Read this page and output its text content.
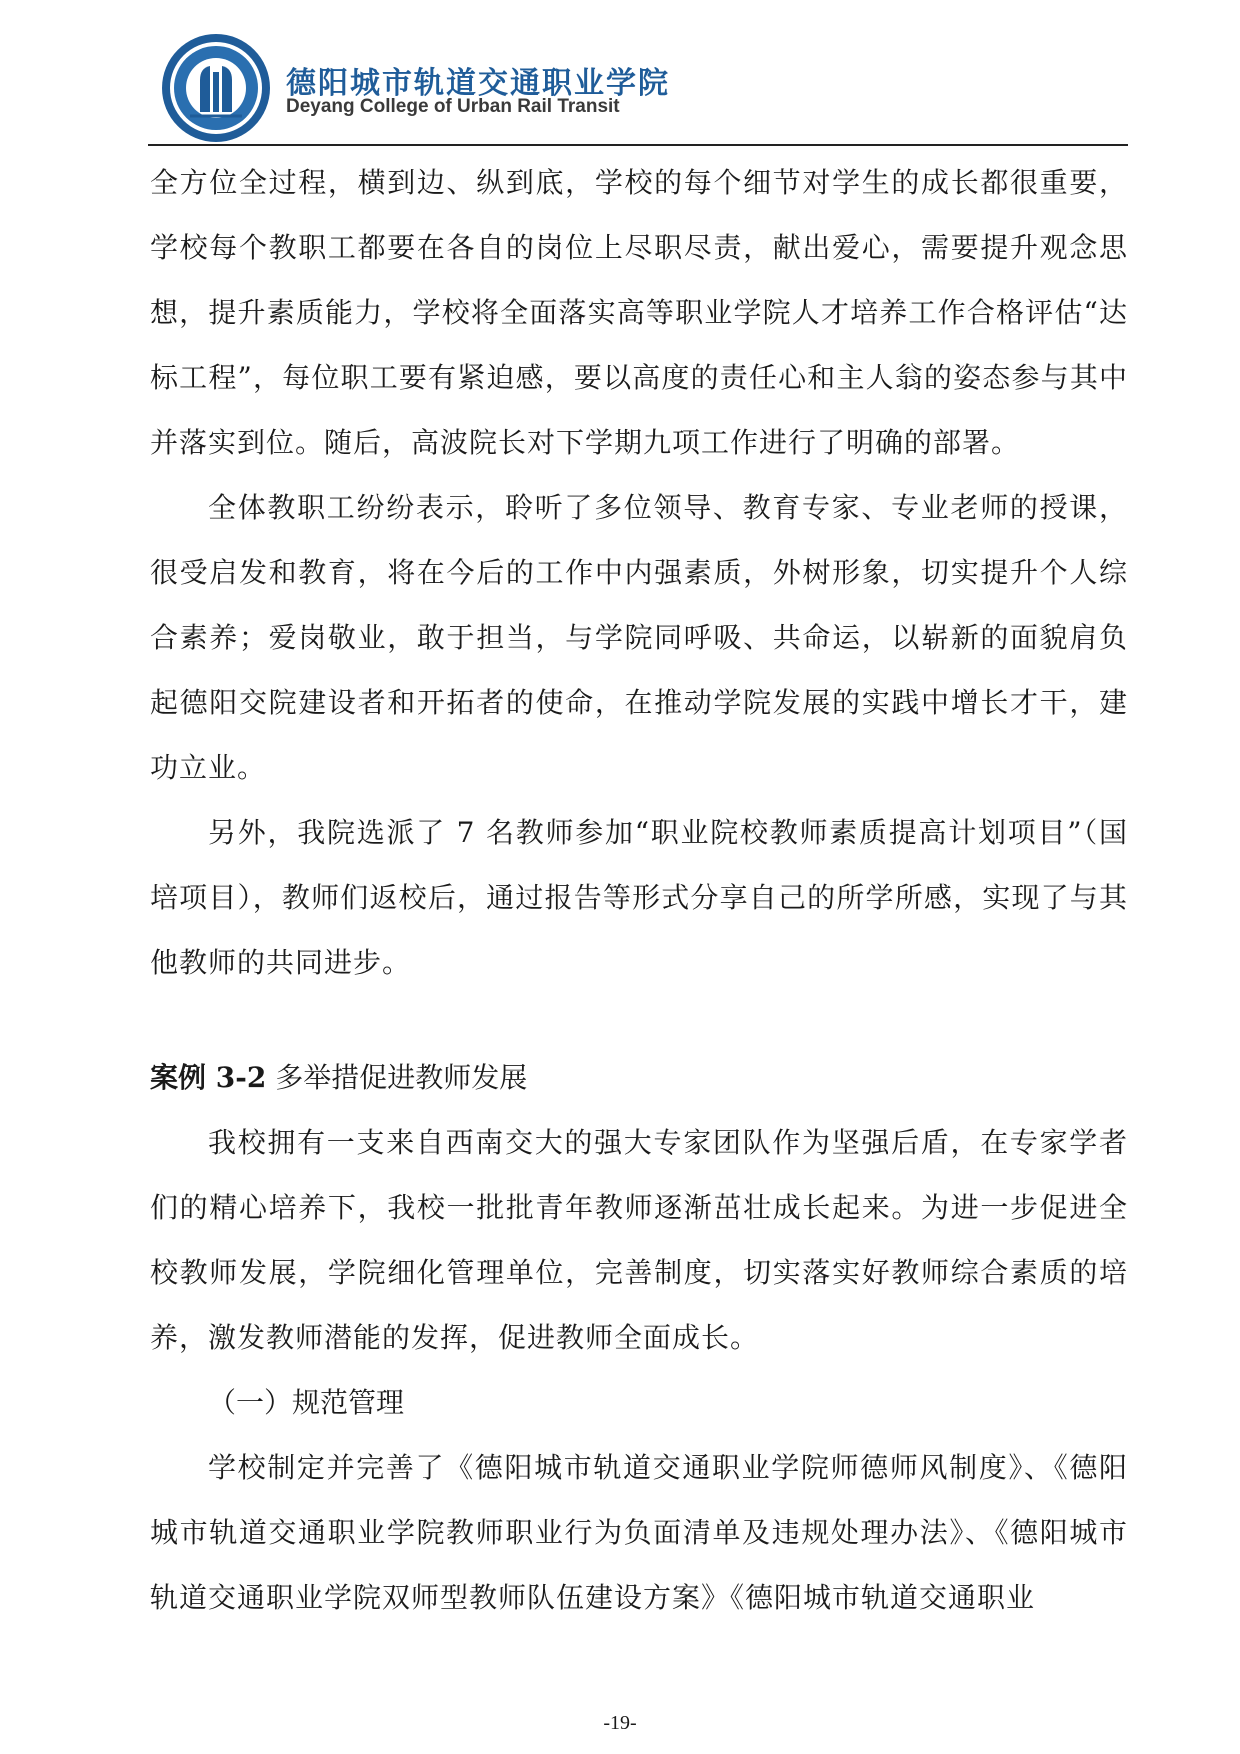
德阳城市轨道交通职业学院
Deyang College of Urban Rail Transit

全方位全过程，横到边、纵到底，学校的每个细节对学生的成长都很重要，学校每个教职工都要在各自的岗位上尽职尽责，献出爱心，需要提升观念思想，提升素质能力，学校将全面落实高等职业学院人才培养工作合格评估“达标工程”，每位职工要有紧迫感，要以高度的责任心和主人翁的姿态参与其中并落实到位。随后，高波院长对下学期九项工作进行了明确的部署。

全体教职工纷纷表示，聆听了多位领导、教育专家、专业老师的授课，很受启发和教育，将在今后的工作中内强素质，外树形象，切实提升个人综合素养；爱岗敬业，敢于担当，与学院同呼吸、共命运，以崭新的面貌肩负起德阳交院建设者和开拓者的使命，在推动学院发展的实践中增长才干，建功立业。

另外，我院选派了 7 名教师参加“职业院校教师素质提高计划项目”（国培项目），教师们返校后，通过报告等形式分享自己的所学所感，实现了与其他教师的共同进步。

案例 3-2 多举措促进教师发展

我校拥有一支来自西南交大的强大专家团队作为坚强后盾，在专家学者们的精心培养下，我校一批批青年教师逐渐茁壮成长起来。为进一步促进全校教师发展，学院细化管理单位，完善制度，切实落实好教师综合素质的培养，激发教师潜能的发挥，促进教师全面成长。

（一）规范管理

学校制定并完善了《德阳城市轨道交通职业学院师德师风制度》、《德阳城市轨道交通职业学院教师职业行为负面清单及违规处理办法》、《德阳城市轨道交通职业学院双师型教师队伍建设方案》《德阳城市轨道交通职业

-19-
